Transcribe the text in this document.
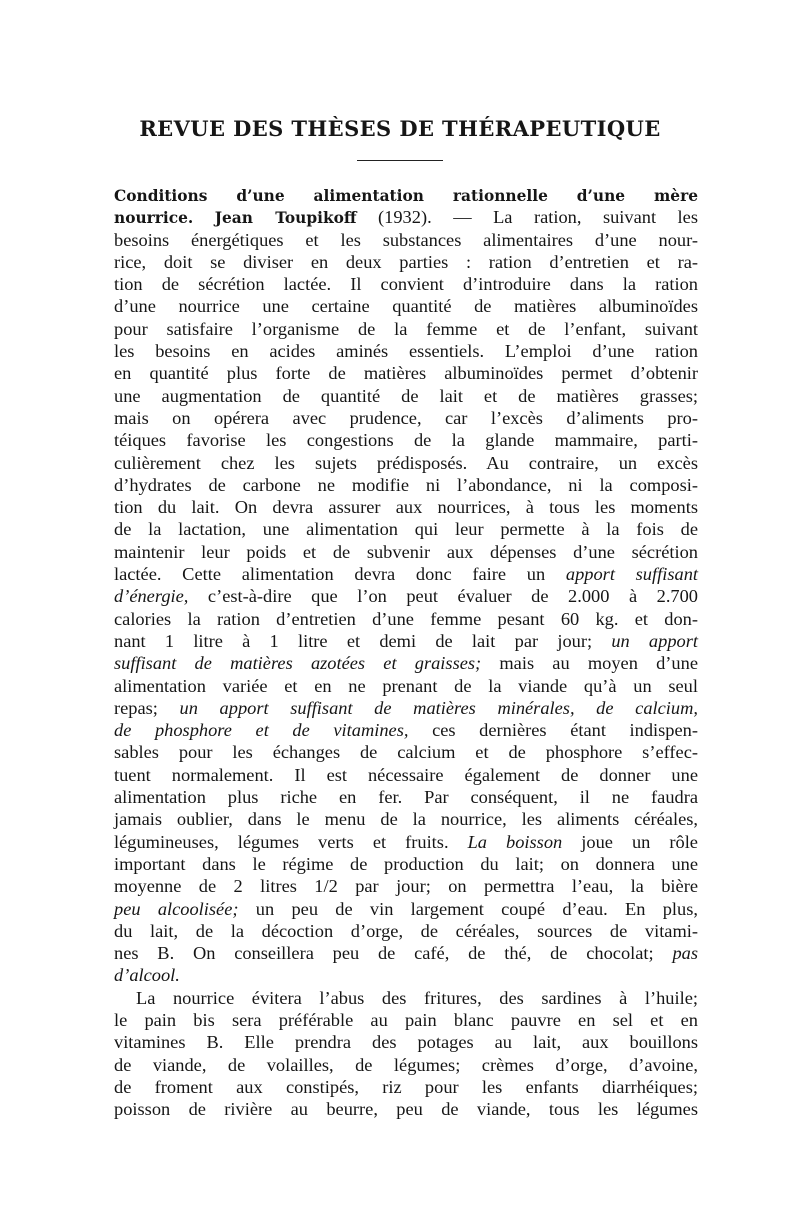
REVUE DES THÈSES DE THÉRAPEUTIQUE
Conditions d’une alimentation rationnelle d’une mère
nourrice. Jean Toupikoff (1932). — La ration, suivant les
besoins énergétiques et les substances alimentaires d’une nour-
rice, doit se diviser en deux parties : ration d’entretien et ra-
tion de sécrétion lactée. Il convient d’introduire dans la ration
d’une nourrice une certaine quantité de matières albuminoïdes
pour satisfaire l’organisme de la femme et de l’enfant, suivant
les besoins en acides aminés essentiels. L’emploi d’une ration
en quantité plus forte de matières albuminoïdes permet d’obtenir
une augmentation de quantité de lait et de matières grasses;
mais on opérera avec prudence, car l’excès d’aliments pro-
téiques favorise les congestions de la glande mammaire, parti-
culièrement chez les sujets prédisposés. Au contraire, un excès
d’hydrates de carbone ne modifie ni l’abondance, ni la composi-
tion du lait. On devra assurer aux nourrices, à tous les moments
de la lactation, une alimentation qui leur permette à la fois de
maintenir leur poids et de subvenir aux dépenses d’une sécrétion
lactée. Cette alimentation devra donc faire un apport suffisant
d’énergie, c’est-à-dire que l’on peut évaluer de 2.000 à 2.700
calories la ration d’entretien d’une femme pesant 60 kg. et don-
nant 1 litre à 1 litre et demi de lait par jour; un apport
suffisant de matières azotées et graisses; mais au moyen d’une
alimentation variée et en ne prenant de la viande qu’à un seul
repas; un apport suffisant de matières minérales, de calcium,
de phosphore et de vitamines, ces dernières étant indispen-
sables pour les échanges de calcium et de phosphore s’effec-
tuent normalement. Il est nécessaire également de donner une
alimentation plus riche en fer. Par conséquent, il ne faudra
jamais oublier, dans le menu de la nourrice, les aliments céréales,
légumineuses, légumes verts et fruits. La boisson joue un rôle
important dans le régime de production du lait; on donnera une
moyenne de 2 litres 1/2 par jour; on permettra l’eau, la bière
peu alcoolisée; un peu de vin largement coupé d’eau. En plus,
du lait, de la décoction d’orge, de céréales, sources de vitami-
nes B. On conseillera peu de café, de thé, de chocolat; pas
d’alcool.
La nourrice évitera l’abus des fritures, des sardines à l’huile;
le pain bis sera préférable au pain blanc pauvre en sel et en
vitamines B. Elle prendra des potages au lait, aux bouillons
de viande, de volailles, de légumes; crèmes d’orge, d’avoine,
de froment aux constipés, riz pour les enfants diarrhéiques;
poisson de rivière au beurre, peu de viande, tous les légumes
